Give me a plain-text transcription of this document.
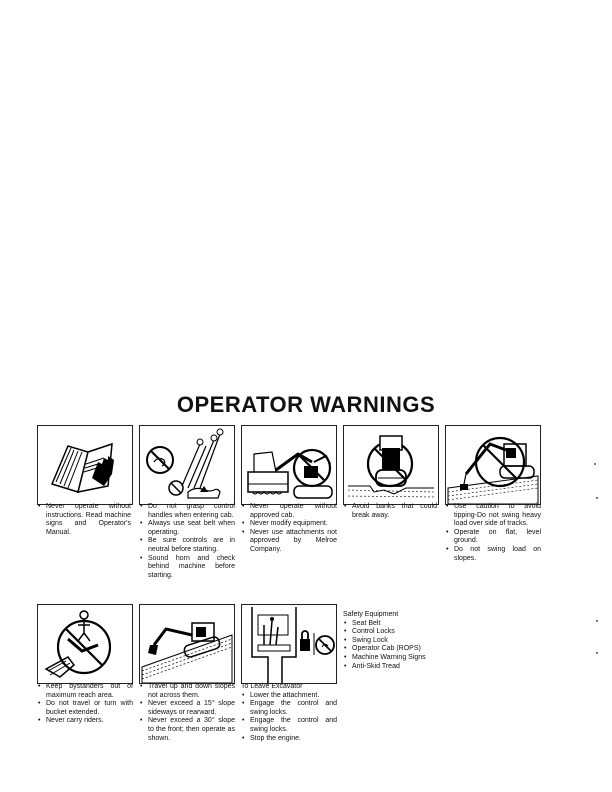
OPERATOR WARNINGS
• Never operate without instructions. Read machine signs and Operator's Manual.
• Do not grasp control handles when entering cab.
• Always use seat belt when operating.
• Be sure controls are in neutral before starting.
• Sound horn and check behind machine before starting.
• Never operate without approved cab.
• Never modify equipment.
• Never use attachments not approved by Melroe Company.
• Avoid banks that could break away.
• Use caution to avoid tipping-Do not swing heavy load over side of tracks.
• Operate on flat, level ground.
• Do not swing load on slopes.
• Keep bystanders out of maximum reach area.
• Do not travel or turn with bucket extended.
• Never carry riders.
• Travel up and down slopes not across them.
• Never exceed a 15° slope sideways or rearward.
• Never exceed a 30° slope to the front; then operate as shown.
To Leave Excavator
• Lower the attachment.
• Engage the control and swing locks.
• Engage the control and swing locks.
• Stop the engine.
Safety Equipment
• Seat Belt
• Control Locks
• Swing Lock
• Operator Cab (ROPS)
• Machine Warning Signs
• Anti-Skid Tread
